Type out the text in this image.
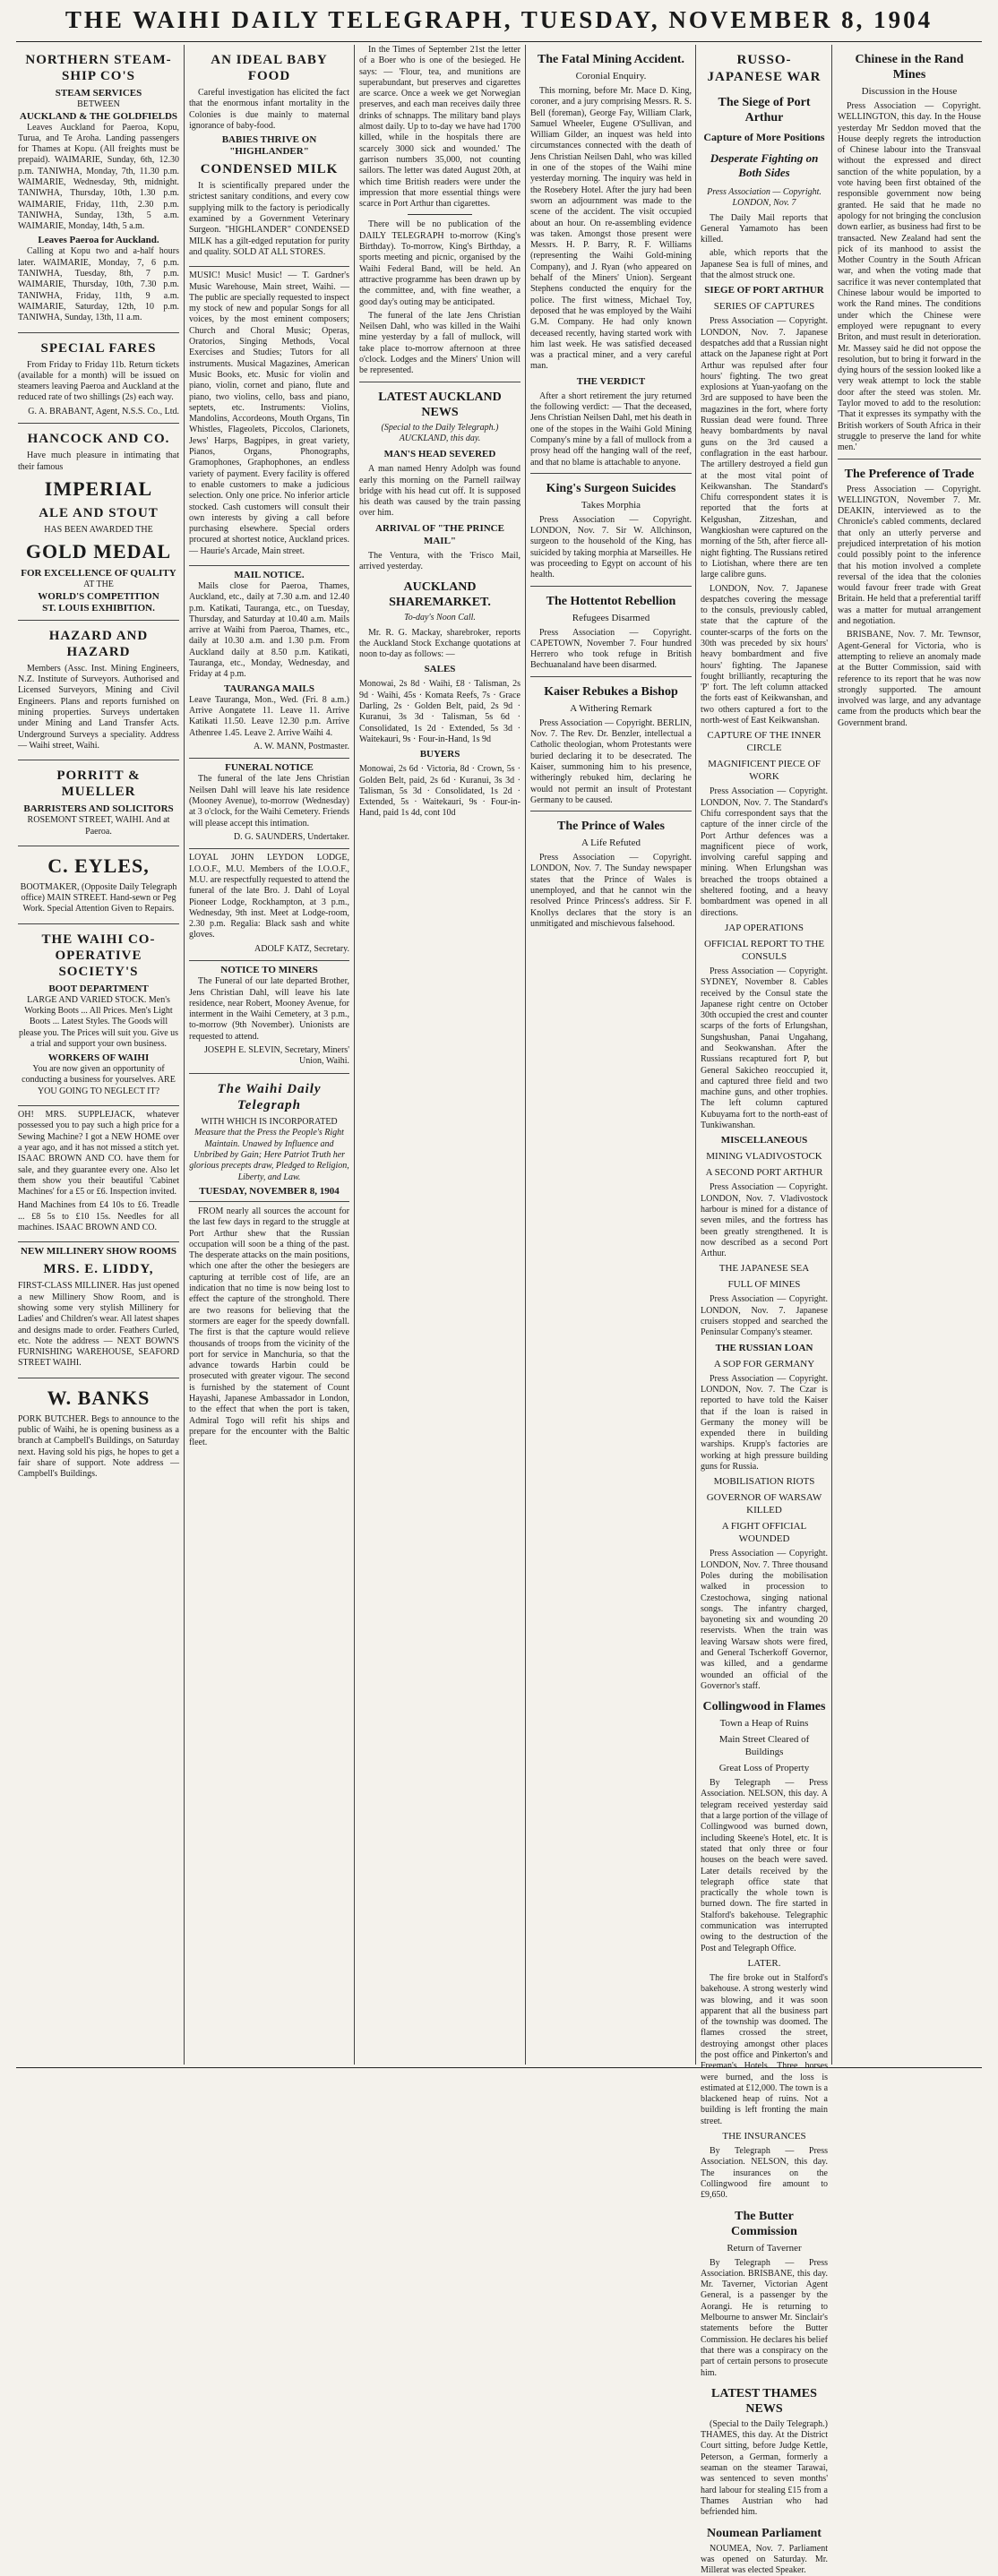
THE WAIHI DAILY TELEGRAPH, TUESDAY, NOVEMBER 8, 1904
NORTHERN STEAM-SHIP CO'S
STEAM SERVICES
BETWEEN
AUCKLAND & THE GOLDFIELDS

Leaves Auckland for Paeroa, Kopu, Turua, and Te Aroha. Landing passengers for Thames at Kopu. (All freights must be prepaid). WAIMARIE, Sunday, 6th, 12.30 p.m. TANIWHA, Monday, 7th, 11.30 p.m. WAIMARIE, Wednesday, 9th, midnight. TANIWHA, Thursday, 10th, 1.30 p.m. WAIMARIE, Friday, 11th, 2.30 p.m. TANIWHA, Sunday, 13th, 5 a.m. WAIMARIE, Monday, 14th, 5 a.m.

Leaves Paeroa for Auckland.

Calling at Kopu two and a-half hours later. WAIMARIE, Monday, 7, 6 p.m. TANIWHA, Tuesday, 8th, 7 p.m. WAIMARIE, Thursday, 10th, 7.30 p.m. TANIWHA, Friday, 11th, 9 a.m. WAIMARIE, Saturday, 12th, 10 p.m. TANIWHA, Sunday, 13th, 11 a.m.

SPECIAL FARES

From Friday to Friday 11b. Return tickets (available for a month) will be issued on steamers leaving Paeroa and Auckland at the reduced rate of two shillings (2s) each way.

G. A. BRABANT, Agent, N.S.S. Co., Ltd.
HANCOCK AND CO.

Have much pleasure in intimating that their famous

IMPERIAL
ALE AND STOUT
HAS BEEN AWARDED THE
GOLD MEDAL
FOR EXCELLENCE OF QUALITY
AT THE
WORLD'S COMPETITION
ST. LOUIS EXHIBITION.
HAZARD AND HAZARD

Members (Assc. Inst. Mining Engineers, N.Z. Institute of Surveyors. Authorised and Licensed Surveyors, Mining and Civil Engineers. Plans and reports furnished on mining properties. Surveys undertaken under Mining and Land Transfer Acts. Underground Surveys a speciality. Address — Waihi street, Waihi.

PORRITT & MUELLER
BARRISTERS AND SOLICITORS

ROSEMONT STREET, WAIHI. And at Paeroa.

C. EYLES,

BOOTMAKER, (Opposite Daily Telegraph office) MAIN STREET. Hand-sewn or Peg Work. Special Attention Given to Repairs.

THE WAIHI CO-OPERATIVE SOCIETY'S
BOOT DEPARTMENT

LARGE AND VARIED STOCK. Men's Working Boots ... All Prices. Men's Light Boots ... Latest Styles. The Goods will please you. The Prices will suit you. Give us a trial and support your own business.

WORKERS OF WAIHI

You are now given an opportunity of conducting a business for yourselves. ARE YOU GOING TO NEGLECT IT?

OH! MRS. SUPPLEJACK, whatever possessed you to pay such a high price for a Sewing Machine? I got a NEW HOME over a year ago, and it has not missed a stitch yet. ISAAC BROWN AND CO. have them for sale, and they guarantee every one. Also let them show you their beautiful 'Cabinet Machines' for a £5 or £6. Inspection invited.

Hand Machines from £4 10s to £6. Treadle ... £8 5s to £10 15s. Needles for all machines. ISAAC BROWN AND CO.

NEW MILLINERY SHOW ROOMS
MRS. E. LIDDY,

FIRST-CLASS MILLINER. Has just opened a new Millinery Show Room, and is showing some very stylish Millinery for Ladies' and Children's wear. All latest shapes and designs made to order. Feathers Curled, etc. Note the address — NEXT BOWN'S FURNISHING WAREHOUSE, SEAFORD STREET WAIHI.

W. BANKS

PORK BUTCHER. Begs to announce to the public of Waihi, he is opening business as a branch at Campbell's Buildings, on Saturday next. Having sold his pigs, he hopes to get a fair share of support. Note address — Campbell's Buildings.

AN IDEAL BABY FOOD

Careful investigation has elicited the fact that the enormous infant mortality in the Colonies is due mainly to maternal ignorance of baby-food.

BABIES THRIVE ON
"HIGHLANDER"
CONDENSED MILK

It is scientifically prepared under the strictest sanitary conditions, and every cow supplying milk to the factory is periodically examined by a Government Veterinary Surgeon. "HIGHLANDER" CONDENSED MILK has a gilt-edged reputation for purity and quality. SOLD AT ALL STORES.

MUSIC! Music! Music! — T. Gardner's Music Warehouse, Main street, Waihi. — The public are specially requested to inspect my stock of new and popular Songs for all voices, by the most eminent composers; Church and Choral Music; Operas, Oratorios, Singing Methods, Vocal Exercises and Studies; Tutors for all instruments. Musical Magazines, American Music Books, etc. Music for violin and piano, violin, cornet and piano, flute and piano, two violins, cello, bass and piano, septets, etc. Instruments: Violins, Mandolins, Accordeons, Mouth Organs, Tin Whistles, Flageolets, Piccolos, Clarionets, Jews' Harps, Bagpipes, in great variety, Pianos, Organs, Phonographs, Gramophones, Graphophones, an endless variety of payment. Every facility is offered to enable customers to make a judicious selection. Only one price. No inferior article stocked. Cash customers will consult their own interests by giving a call before purchasing elsewhere. Special orders procured at shortest notice, Auckland prices. — Haurie's Arcade, Main street.

MAIL NOTICE.

Mails close for Paeroa, Thames, Auckland, etc., daily at 7.30 a.m. and 12.40 p.m. Katikati, Tauranga, etc., on Tuesday, Thursday, and Saturday at 10.40 a.m. Mails arrive at Waihi from Paeroa, Thames, etc., daily at 10.30 a.m. and 1.30 p.m. From Auckland daily at 8.50 p.m. Katikati, Tauranga, etc., Monday, Wednesday, and Friday at 4 p.m.

TAURANGA MAILS

Leave Tauranga, Mon., Wed. (Fri. 8 a.m.) Arrive Aongatete 11. Leave 11. Arrive Katikati 11.50. Leave 12.30 p.m. Arrive Athenree 1.45. Leave 2. Arrive Waihi 4.

A. W. MANN, Postmaster.
FUNERAL NOTICE

The funeral of the late Jens Christian Neilsen Dahl will leave his late residence (Mooney Avenue), to-morrow (Wednesday) at 3 o'clock, for the Waihi Cemetery. Friends will please accept this intimation.

D. G. SAUNDERS, Undertaker.

LOYAL JOHN LEYDON LODGE, I.O.O.F., M.U. Members of the I.O.O.F., M.U. are respectfully requested to attend the funeral of the late Bro. J. Dahl of Loyal Pioneer Lodge, Rockhampton, at 3 p.m., Wednesday, 9th inst. Meet at Lodge-room, 2.30 p.m. Regalia: Black sash and white gloves.

ADOLF KATZ, Secretary.
NOTICE TO MINERS

The Funeral of our late departed Brother, Jens Christian Dahl, will leave his late residence, near Robert, Mooney Avenue, for interment in the Waihi Cemetery, at 3 p.m., to-morrow (9th November). Unionists are requested to attend.

JOSEPH E. SLEVIN, Secretary, Miners' Union, Waihi.
The Waihi Daily Telegraph
WITH WHICH IS INCORPORATED

Measure that the Press the People's Right Maintain. Unawed by Influence and Unbribed by Gain; Here Patriot Truth her glorious precepts draw, Pledged to Religion, Liberty, and Law.

TUESDAY, NOVEMBER 8, 1904

FROM nearly all sources the account for the last few days in regard to the struggle at Port Arthur shew that the Russian occupation will soon be a thing of the past. The desperate attacks on the main positions, which one after the other the besiegers are capturing at terrible cost of life, are an indication that no time is now being lost to effect the capture of the stronghold. There are two reasons for believing that the stormers are eager for the speedy downfall. The first is that the capture would relieve thousands of troops from the vicinity of the port for service in Manchuria, so that the advance towards Harbin could be prosecuted with greater vigour. The second is furnished by the statement of Count Hayashi, Japanese Ambassador in London, to the effect that when the port is taken, Admiral Togo will refit his ships and prepare for the encounter with the Baltic fleet.

In the Times of September 21st the letter of a Boer who is one of the besieged. He says: — 'Flour, tea, and munitions are superabundant, but preserves and cigarettes are scarce. Once a week we get Norwegian preserves, and each man receives daily three drinks of schnapps. The military band plays almost daily. Up to to-day we have had 1700 killed, while in the hospitals there are scarcely 3000 sick and wounded.' The garrison numbers 35,000, not counting sailors. The letter was dated August 20th, at which time British readers were under the impression that more essential things were scarce in Port Arthur than cigarettes.

There will be no publication of the DAILY TELEGRAPH to-morrow (King's Birthday). To-morrow, King's Birthday, a sports meeting and picnic, organised by the Waihi Federal Band, will be held. An attractive programme has been drawn up by the committee, and, with fine weather, a good day's outing may be anticipated.

The funeral of the late Jens Christian Neilsen Dahl, who was killed in the Waihi mine yesterday by a fall of mullock, will take place to-morrow afternoon at three o'clock. Lodges and the Miners' Union will be represented.

LATEST AUCKLAND NEWS
(Special to the Daily Telegraph.) AUCKLAND, this day.
MAN'S HEAD SEVERED

A man named Henry Adolph was found early this morning on the Parnell railway bridge with his head cut off. It is supposed his death was caused by the train passing over him.

ARRIVAL OF "THE PRINCE MAIL"

The Ventura, with the 'Frisco Mail, arrived yesterday.

AUCKLAND SHAREMARKET.
To-day's Noon Call.

Mr. R. G. Mackay, sharebroker, reports the Auckland Stock Exchange quotations at noon to-day as follows: —

SALES

Monowai, 2s 8d · Waihi, £8 · Talisman, 2s 9d · Waihi, 45s · Komata Reefs, 7s · Grace Darling, 2s · Golden Belt, paid, 2s 9d · Kuranui, 3s 3d · Talisman, 5s 6d · Consolidated, 1s 2d · Extended, 5s 3d · Waitekauri, 9s · Four-in-Hand, 1s 9d

BUYERS

Monowai, 2s 6d · Victoria, 8d · Crown, 5s · Golden Belt, paid, 2s 6d · Kuranui, 3s 3d · Talisman, 5s 3d · Consolidated, 1s 2d · Extended, 5s · Waitekauri, 9s · Four-in-Hand, paid 1s 4d, cont 10d

The Fatal Mining Accident.
Coronial Enquiry.

This morning, before Mr. Mace D. King, coroner, and a jury comprising Messrs. R. S. Bell (foreman), George Fay, William Clark, Samuel Wheeler, Eugene O'Sullivan, and William Gilder, an inquest was held into circumstances connected with the death of Jens Christian Neilsen Dahl, who was killed in one of the stopes of the Waihi mine yesterday morning. The inquiry was held in the Rosebery Hotel. After the jury had been sworn an adjournment was made to the scene of the accident. The visit occupied about an hour. On re-assembling evidence was taken. Amongst those present were Messrs. H. P. Barry, R. F. Williams (representing the Waihi Gold-mining Company), and J. Ryan (who appeared on behalf of the Miners' Union). Sergeant Stephens conducted the enquiry for the police. The first witness, Michael Toy, deposed that he was employed by the Waihi G.M. Company. He had only known deceased recently, having started work with him last week. He was satisfied deceased was a practical miner, and a very careful man.

THE VERDICT

After a short retirement the jury returned the following verdict: — That the deceased, Jens Christian Neilsen Dahl, met his death in one of the stopes in the Waihi Gold Mining Company's mine by a fall of mullock from a prosy head off the hanging wall of the reef, and that no blame is attachable to anyone.

King's Surgeon Suicides
Takes Morphia

Press Association — Copyright. LONDON, Nov. 7. Sir W. Allchinson, surgeon to the household of the King, has suicided by taking morphia at Marseilles. He was proceeding to Egypt on account of his health.

The Hottentot Rebellion
Refugees Disarmed

Press Association — Copyright. CAPETOWN, November 7. Four hundred Herrero who took refuge in British Bechuanaland have been disarmed.

Kaiser Rebukes a Bishop
A Withering Remark

Press Association — Copyright. BERLIN, Nov. 7. The Rev. Dr. Benzler, intellectual a Catholic theologian, whom Protestants were buried declaring it to be desecrated. The Kaiser, summoning him to his presence, witheringly rebuked him, declaring he would not permit an insult of Protestant Germany to be caused.

The Prince of Wales
A Life Refuted

Press Association — Copyright. LONDON, Nov. 7. The Sunday newspaper states that the Prince of Wales is unemployed, and that he cannot win the resolved Prince Princess's address. Sir F. Knollys declares that the story is an unmitigated and mischievous falsehood.

Chinese in the Rand Mines
Discussion in the House

Press Association — Copyright. WELLINGTON, this day. In the House yesterday Mr Seddon moved that the House deeply regrets the introduction of Chinese labour into the Transvaal without the expressed and direct sanction of the white population, by a vote having been first obtained of the responsible government now being granted. He said that he made no apology for not bringing the conclusion down earlier, as business had first to be transacted. New Zealand had sent the pick of its manhood to assist the Mother Country in the South African war, and when the voting made that sacrifice it was never contemplated that Chinese labour would be imported to work the Rand mines. The conditions under which the Chinese were employed were repugnant to every Briton, and must result in deterioration. Mr. Massey said he did not oppose the resolution, but to bring it forward in the dying hours of the session looked like a very weak attempt to lock the stable door after the steed was stolen. Mr. Taylor moved to add to the resolution: 'That it expresses its sympathy with the British workers of South Africa in their struggle to preserve the land for white men.'

The Preference of Trade

Press Association — Copyright. WELLINGTON, November 7. Mr. DEAKIN, interviewed as to the Chronicle's cabled comments, declared that only an utterly perverse and prejudiced interpretation of his motion could possibly point to the inference that his motion involved a complete reversal of the idea that the colonies would favour freer trade with Great Britain. He held that a preferential tariff was a matter for mutual arrangement and negotiation.

BRISBANE, Nov. 7. Mr. Tewnsor, Agent-General for Victoria, who is attempting to relieve an anomaly made at the Butter Commission, said with reference to its report that he was now strongly supported. The amount involved was large, and any advantage came from the products which bear the Government brand.

RUSSO-JAPANESE WAR
The Siege of Port Arthur
Capture of More Positions
Desperate Fighting on Both Sides
Press Association — Copyright. LONDON, Nov. 7

The Daily Mail reports that General Yamamoto has been killed.

able, which reports that the Japanese Sea is full of mines, and that the almost struck one.

SIEGE OF PORT ARTHUR
SERIES OF CAPTURES

Press Association — Copyright. LONDON, Nov. 7. Japanese despatches add that a Russian night attack on the Japanese right at Port Arthur was repulsed after four hours' fighting. The two great explosions at Yuan-yaofang on the 3rd are supposed to have been the magazines in the fort, where forty Russian dead were found. Three heavy bombardments by naval guns on the 3rd caused a conflagration in the east harbour. The artillery destroyed a field gun at the most vital point of Keikwanshan. The Standard's Chifu correspondent states it is reported that the forts at Kelgushan, Zitzeshan, and Wangkioshan were captured on the morning of the 5th, after fierce all-night fighting. The Russians retired to Liotishan, where there are ten large calibre guns.

LONDON, Nov. 7. Japanese despatches covering the message to the consuls, previously cabled, state that the capture of the counter-scarps of the forts on the 30th was preceded by six hours' heavy bombardment and five hours' fighting. The Japanese fought brilliantly, recapturing the 'P' fort. The left column attacked the forts east of Keikwanshan, and two others captured a fort to the north-west of East Keikwanshan.

CAPTURE OF THE INNER CIRCLE
MAGNIFICENT PIECE OF WORK

Press Association — Copyright. LONDON, Nov. 7. The Standard's Chifu correspondent says that the capture of the inner circle of the Port Arthur defences was a magnificent piece of work, involving careful sapping and mining. When Erlungshan was breached the troops obtained a sheltered footing, and a heavy bombardment was opened in all directions.

JAP OPERATIONS
OFFICIAL REPORT TO THE CONSULS

Press Association — Copyright. SYDNEY, November 8. Cables received by the Consul state the Japanese right centre on October 30th occupied the crest and counter scarps of the forts of Erlungshan, Sungshushan, Panai Ungahang, and Seokwanshan. After the Russians recaptured fort P, but General Sakicheo reoccupied it, and captured three field and two machine guns, and other trophies. The left column captured Kubuyama fort to the north-east of Tunkiwanshan.

MISCELLANEOUS
MINING VLADIVOSTOCK
A SECOND PORT ARTHUR

Press Association — Copyright. LONDON, Nov. 7. Vladivostock harbour is mined for a distance of seven miles, and the fortress has been greatly strengthened. It is now described as a second Port Arthur.

THE JAPANESE SEA
FULL OF MINES

Press Association — Copyright. LONDON, Nov. 7. Japanese cruisers stopped and searched the Peninsular Company's steamer.

THE RUSSIAN LOAN
A SOP FOR GERMANY

Press Association — Copyright. LONDON, Nov. 7. The Czar is reported to have told the Kaiser that if the loan is raised in Germany the money will be expended there in building warships. Krupp's factories are working at high pressure building guns for Russia.

MOBILISATION RIOTS
GOVERNOR OF WARSAW KILLED
A FIGHT OFFICIAL WOUNDED

Press Association — Copyright. LONDON, Nov. 7. Three thousand Poles during the mobilisation walked in procession to Czestochowa, singing national songs. The infantry charged, bayoneting six and wounding 20 reservists. When the train was leaving Warsaw shots were fired, and General Tscherkoff Governor, was killed, and a gendarme wounded an official of the Governor's staff.

Collingwood in Flames
Town a Heap of Ruins
Main Street Cleared of Buildings
Great Loss of Property

By Telegraph — Press Association. NELSON, this day. A telegram received yesterday said that a large portion of the village of Collingwood was burned down, including Skeene's Hotel, etc. It is stated that only three or four houses on the beach were saved. Later details received by the telegraph office state that practically the whole town is burned down. The fire started in Stalford's bakehouse. Telegraphic communication was interrupted owing to the destruction of the Post and Telegraph Office.

LATER.

The fire broke out in Stalford's bakehouse. A strong westerly wind was blowing, and it was soon apparent that all the business part of the township was doomed. The flames crossed the street, destroying amongst other places the post office and Pinkerton's and Freeman's Hotels. Three horses were burned, and the loss is estimated at £12,000. The town is a blackened heap of ruins. Not a building is left fronting the main street.

THE INSURANCES

By Telegraph — Press Association. NELSON, this day. The insurances on the Collingwood fire amount to £9,650.

The Butter Commission
Return of Taverner

By Telegraph — Press Association. BRISBANE, this day. Mr. Taverner, Victorian Agent General, is a passenger by the Aorangi. He is returning to Melbourne to answer Mr. Sinclair's statements before the Butter Commission. He declares his belief that there was a conspiracy on the part of certain persons to prosecute him.

LATEST THAMES NEWS

(Special to the Daily Telegraph.) THAMES, this day. At the District Court sitting, before Judge Kettle, Peterson, a German, formerly a seaman on the steamer Tarawai, was sentenced to seven months' hard labour for stealing £15 from a Thames Austrian who had befriended him.

Noumean Parliament

NOUMEA, Nov. 7. Parliament was opened on Saturday. Mr. Millerat was elected Speaker.
